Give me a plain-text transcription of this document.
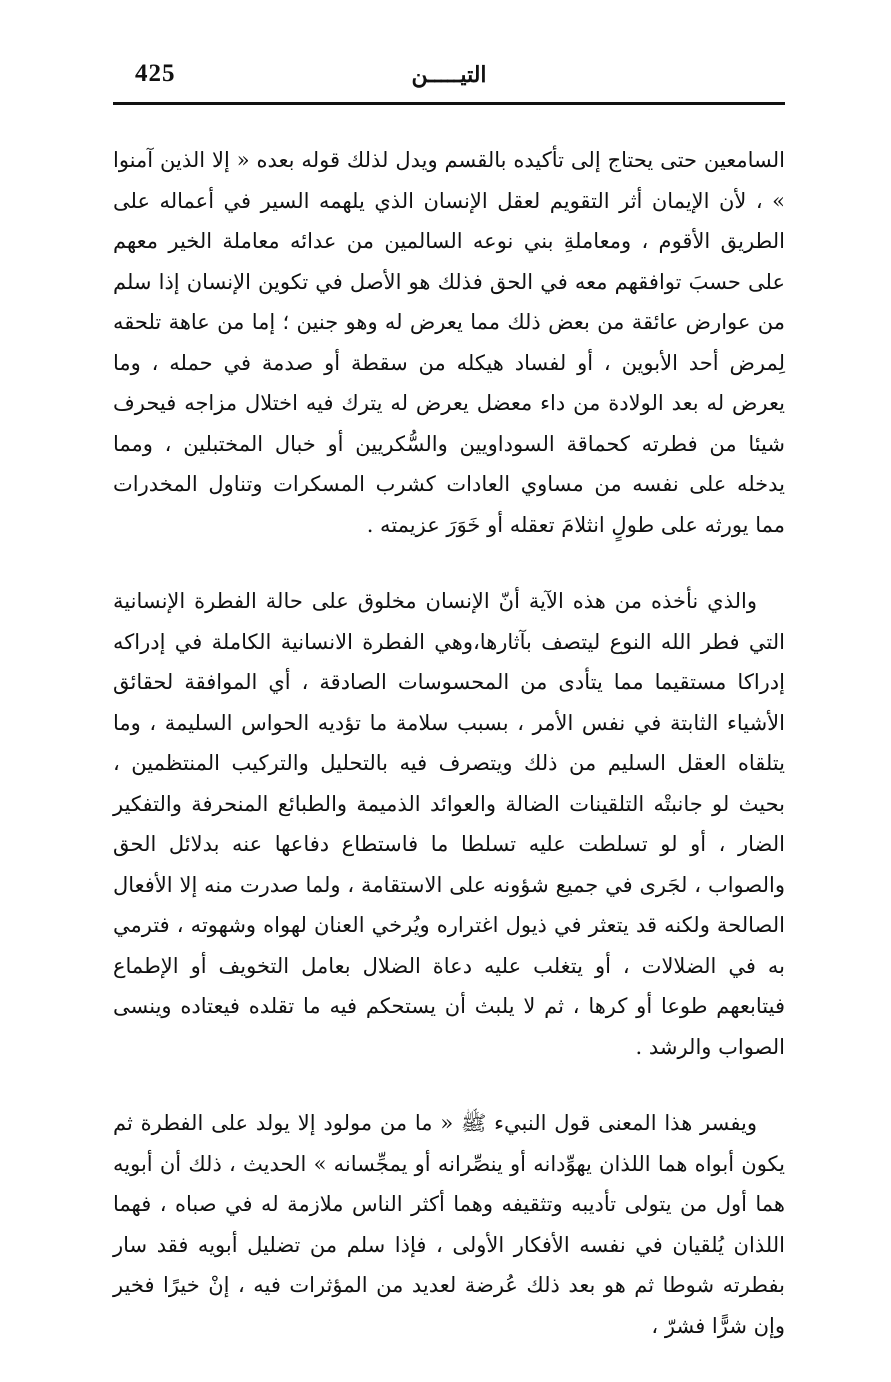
425	التيـــــن

السامعين حتى يحتاج إلى تأكيده بالقسم ويدل لذلك قوله بعده « إلا الذين آمنوا » ، لأن الإيمان أثر التقويم لعقل الإنسان الذي يلهمه السير في أعماله على الطريق الأقوم ، ومعاملةِ بني نوعه السالمين من عدائه معاملة الخير معهم على حسبَ توافقهم معه في الحق فذلك هو الأصل في تكوين الإنسان إذا سلم من عوارض عائقة من بعض ذلك مما يعرض له وهو جنين ؛ إما من عاهة تلحقه لِمرض أحد الأبوين ، أو لفساد هيكله من سقطة أو صدمة في حمله ، وما يعرض له بعد الولادة من داء معضل يعرض له يترك فيه اختلال مزاجه فيحرف شيئا من فطرته كحماقة السوداويين والسُّكريين أو خبال المختبلين ، ومما يدخله على نفسه من مساوي العادات كشرب المسكرات وتناول المخدرات مما يورثه على طولٍ انثلامَ تعقله أو خَوَرَ عزيمته .

والذي نأخذه من هذه الآية أنّ الإنسان مخلوق على حالة الفطرة الإنسانية التي فطر الله النوع ليتصف بآثارها،وهي الفطرة الانسانية الكاملة في إدراكه إدراكا مستقيما مما يتأدى من المحسوسات الصادقة ، أي الموافقة لحقائق الأشياء الثابتة في نفس الأمر ، بسبب سلامة ما تؤديه الحواس السليمة ، وما يتلقاه العقل السليم من ذلك ويتصرف فيه بالتحليل والتركيب المنتظمين ، بحيث لو جانبتْه التلقينات الضالة والعوائد الذميمة والطبائع المنحرفة والتفكير الضار ، أو لو تسلطت عليه تسلطا ما فاستطاع دفاعها عنه بدلائل الحق والصواب ، لجَرى في جميع شؤونه على الاستقامة ، ولما صدرت منه إلا الأفعال الصالحة ولكنه قد يتعثر في ذيول اغتراره ويُرخي العنان لهواه وشهوته ، فترمي به في الضلالات ، أو يتغلب عليه دعاة الضلال بعامل التخويف أو الإطماع فيتابعهم طوعا أو كرها ، ثم لا يلبث أن يستحكم فيه ما تقلده فيعتاده وينسى الصواب والرشد .

ويفسر هذا المعنى قول النبيء ﷺ « ما من مولود إلا يولد على الفطرة ثم يكون أبواه هما اللذان يهوِّدانه أو ينصِّرانه أو يمجِّسانه » الحديث ، ذلك أن أبويه هما أول من يتولى تأديبه وتثقيفه وهما أكثر الناس ملازمة له في صباه ، فهما اللذان يُلقيان في نفسه الأفكار الأولى ، فإذا سلم من تضليل أبويه فقد سار بفطرته شوطا ثم هو بعد ذلك عُرضة لعديد من المؤثرات فيه ، إنْ خيرًا فخير وإن شرًّا فشرّ ،
